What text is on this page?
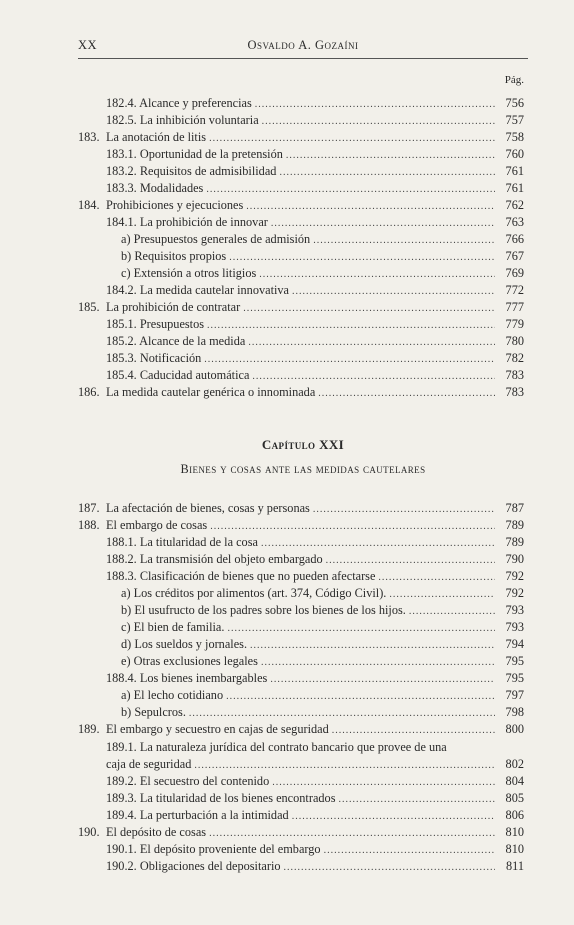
XX	Osvaldo A. Gozaíni
Pág.
182.4. Alcance y preferencias .....	756
182.5. La inhibición voluntaria .....	757
183. La anotación de litis .....	758
183.1. Oportunidad de la pretensión .....	760
183.2. Requisitos de admisibilidad .....	761
183.3. Modalidades .....	761
184. Prohibiciones y ejecuciones .....	762
184.1. La prohibición de innovar .....	763
a) Presupuestos generales de admisión .....	766
b) Requisitos propios .....	767
c) Extensión a otros litigios .....	769
184.2. La medida cautelar innovativa .....	772
185. La prohibición de contratar .....	777
185.1. Presupuestos .....	779
185.2. Alcance de la medida .....	780
185.3. Notificación .....	782
185.4. Caducidad automática .....	783
186. La medida cautelar genérica o innominada .....	783
Capítulo XXI
Bienes y cosas ante las medidas cautelares
187. La afectación de bienes, cosas y personas .....	787
188. El embargo de cosas .....	789
188.1. La titularidad de la cosa .....	789
188.2. La transmisión del objeto embargado .....	790
188.3. Clasificación de bienes que no pueden afectarse .....	792
a) Los créditos por alimentos (art. 374, Código Civil). .....	792
b) El usufructo de los padres sobre los bienes de los hijos. .....	793
c) El bien de familia. .....	793
d) Los sueldos y jornales. .....	794
e) Otras exclusiones legales .....	795
188.4. Los bienes inembargables .....	795
a) El lecho cotidiano .....	797
b) Sepulcros. .....	798
189. El embargo y secuestro en cajas de seguridad .....	800
189.1. La naturaleza jurídica del contrato bancario que provee de una
caja de seguridad .....	802
189.2. El secuestro del contenido .....	804
189.3. La titularidad de los bienes encontrados .....	805
189.4. La perturbación a la intimidad .....	806
190. El depósito de cosas .....	810
190.1. El depósito proveniente del embargo .....	810
190.2. Obligaciones del depositario .....	811
